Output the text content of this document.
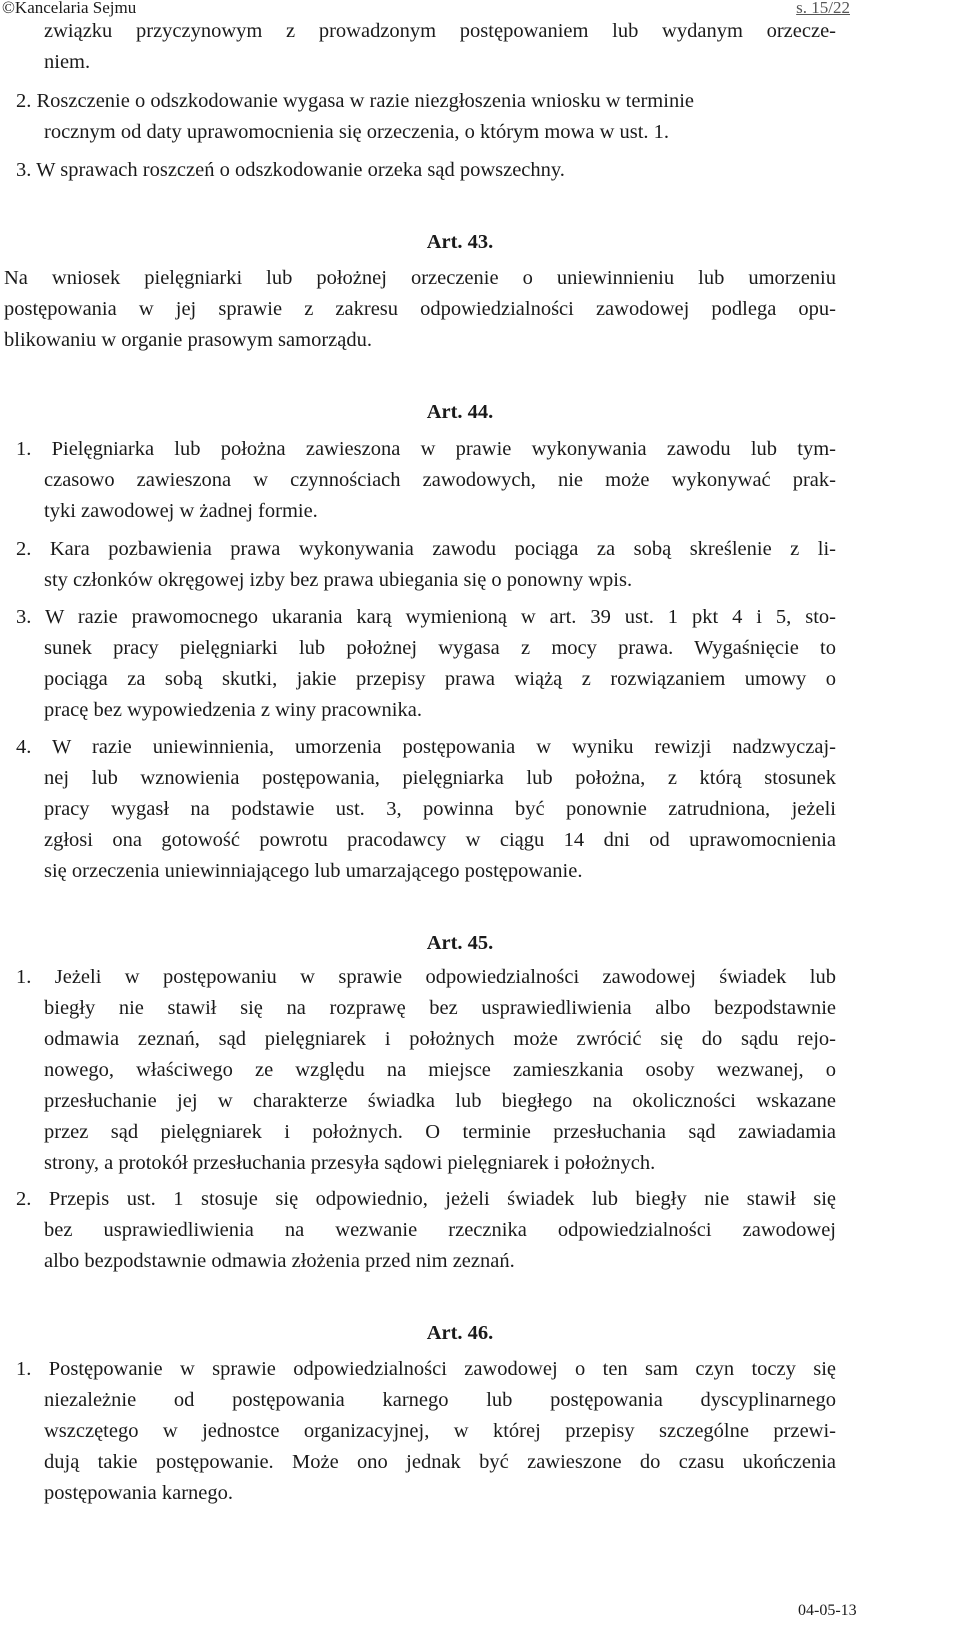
©Kancelaria Sejmu	s. 15/22
związku przyczynowym z prowadzonym postępowaniem lub wydanym orzecze-
niem.
2. Roszczenie o odszkodowanie wygasa w razie niezgłoszenia wniosku w terminie
rocznym od daty uprawomocnienia się orzeczenia, o którym mowa w ust. 1.
3. W sprawach roszczeń o odszkodowanie orzeka sąd powszechny.
Art. 43.
Na wniosek pielęgniarki lub położnej orzeczenie o uniewinnieniu lub umorzeniu
postępowania w jej sprawie z zakresu odpowiedzialności zawodowej podlega opu-
blikowaniu w organie prasowym samorządu.
Art. 44.
1. Pielęgniarka lub położna zawieszona w prawie wykonywania zawodu lub tym-
czasowo zawieszona w czynnościach zawodowych, nie może wykonywać prak-
tyki zawodowej w żadnej formie.
2. Kara pozbawienia prawa wykonywania zawodu pociąga za sobą skreślenie z li-
sty członków okręgowej izby bez prawa ubiegania się o ponowny wpis.
3. W razie prawomocnego ukarania karą wymienioną w art. 39 ust. 1 pkt 4 i 5, sto-
sunek pracy pielęgniarki lub położnej wygasa z mocy prawa. Wygaśnięcie to
pociąga za sobą skutki, jakie przepisy prawa wiążą z rozwiązaniem umowy o
pracę bez wypowiedzenia z winy pracownika.
4. W razie uniewinnienia, umorzenia postępowania w wyniku rewizji nadzwyczaj-
nej lub wznowienia postępowania, pielęgniarka lub położna, z którą stosunek
pracy wygasł na podstawie ust. 3, powinna być ponownie zatrudniona, jeżeli
zgłosi ona gotowość powrotu pracodawcy w ciągu 14 dni od uprawomocnienia
się orzeczenia uniewinniającego lub umarzającego postępowanie.
Art. 45.
1. Jeżeli w postępowaniu w sprawie odpowiedzialności zawodowej świadek lub
biegły nie stawił się na rozprawę bez usprawiedliwienia albo bezpodstawnie
odmawia zeznań, sąd pielęgniarek i położnych może zwrócić się do sądu rejo-
nowego, właściwego ze względu na miejsce zamieszkania osoby wezwanej, o
przesłuchanie jej w charakterze świadka lub biegłego na okoliczności wskazane
przez sąd pielęgniarek i położnych. O terminie przesłuchania sąd zawiadamia
strony, a protokół przesłuchania przesyła sądowi pielęgniarek i położnych.
2. Przepis ust. 1 stosuje się odpowiednio, jeżeli świadek lub biegły nie stawił się
bez usprawiedliwienia na wezwanie rzecznika odpowiedzialności zawodowej
albo bezpodstawnie odmawia złożenia przed nim zeznań.
Art. 46.
1. Postępowanie w sprawie odpowiedzialności zawodowej o ten sam czyn toczy się
niezależnie od postępowania karnego lub postępowania dyscyplinarnego
wszczętego w jednostce organizacyjnej, w której przepisy szczególne przewi-
dują takie postępowanie. Może ono jednak być zawieszone do czasu ukończenia
postępowania karnego.
04-05-13
